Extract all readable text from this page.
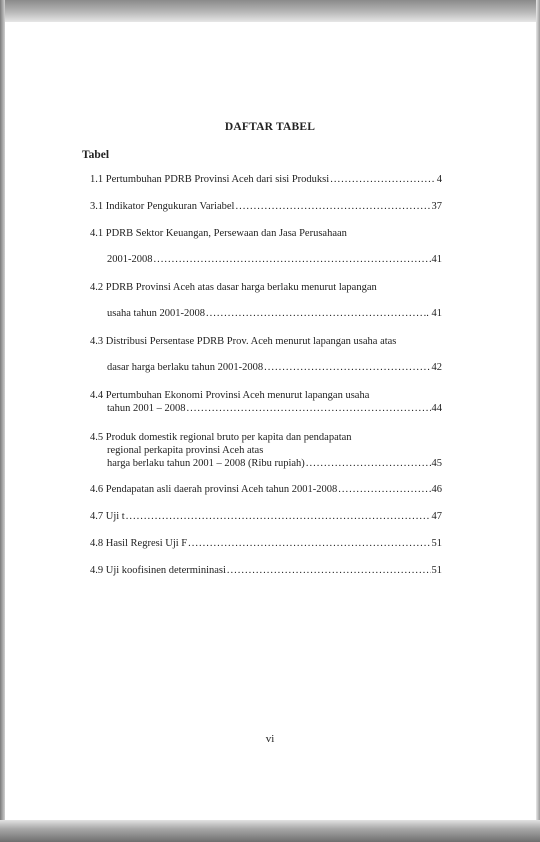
DAFTAR TABEL
Tabel
1.1 Pertumbuhan PDRB Provinsi Aceh dari sisi Produksi .....	4
3.1 Indikator Pengukuran Variabel .....	37
4.1 PDRB Sektor Keuangan, Persewaan dan Jasa Perusahaan
2001-2008 .....	41
4.2 PDRB Provinsi Aceh atas dasar harga berlaku menurut lapangan
usaha tahun 2001-2008 .....	.. 41
4.3 Distribusi Persentase PDRB Prov. Aceh menurut lapangan usaha atas
dasar harga berlaku tahun 2001-2008 .....	42
4.4 Pertumbuhan Ekonomi Provinsi Aceh menurut lapangan usaha
tahun 2001 – 2008 .....	44
4.5 Produk domestik regional bruto per kapita dan pendapatan
regional perkapita provinsi Aceh atas
harga berlaku tahun 2001 – 2008 (Ribu rupiah) .....	45
4.6 Pendapatan asli daerah provinsi Aceh tahun 2001-2008 .....	46
4.7 Uji t .....	47
4.8 Hasil Regresi Uji F .....	51
4.9 Uji koofisinen determininasi .....	51
vi
